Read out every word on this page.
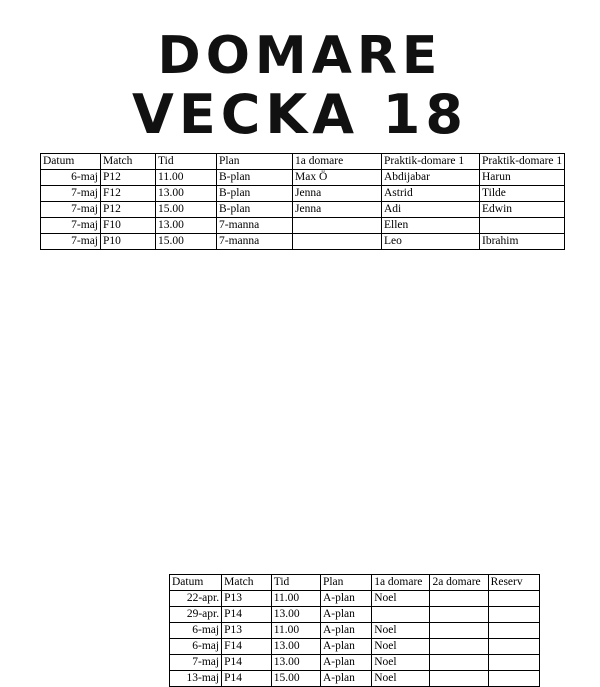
DOMARE
VECKA 18
Datum	Match	Tid	Plan	1a domare	Praktik-domare 1	Praktik-domare 1
6-maj	P12	11.00	B-plan	Max Ö	Abdijabar	Harun
7-maj	F12	13.00	B-plan	Jenna	Astrid	Tilde
7-maj	P12	15.00	B-plan	Jenna	Adi	Edwin
7-maj	F10	13.00	7-manna		Ellen	
7-maj	P10	15.00	7-manna		Leo	Ibrahim
Datum	Match	Tid	Plan	1a domare	2a domare	Reserv
22-apr.	P13	11.00	A-plan	Noel		
29-apr.	P14	13.00	A-plan			
6-maj	P13	11.00	A-plan	Noel		
6-maj	F14	13.00	A-plan	Noel		
7-maj	P14	13.00	A-plan	Noel		
13-maj	P14	15.00	A-plan	Noel		
